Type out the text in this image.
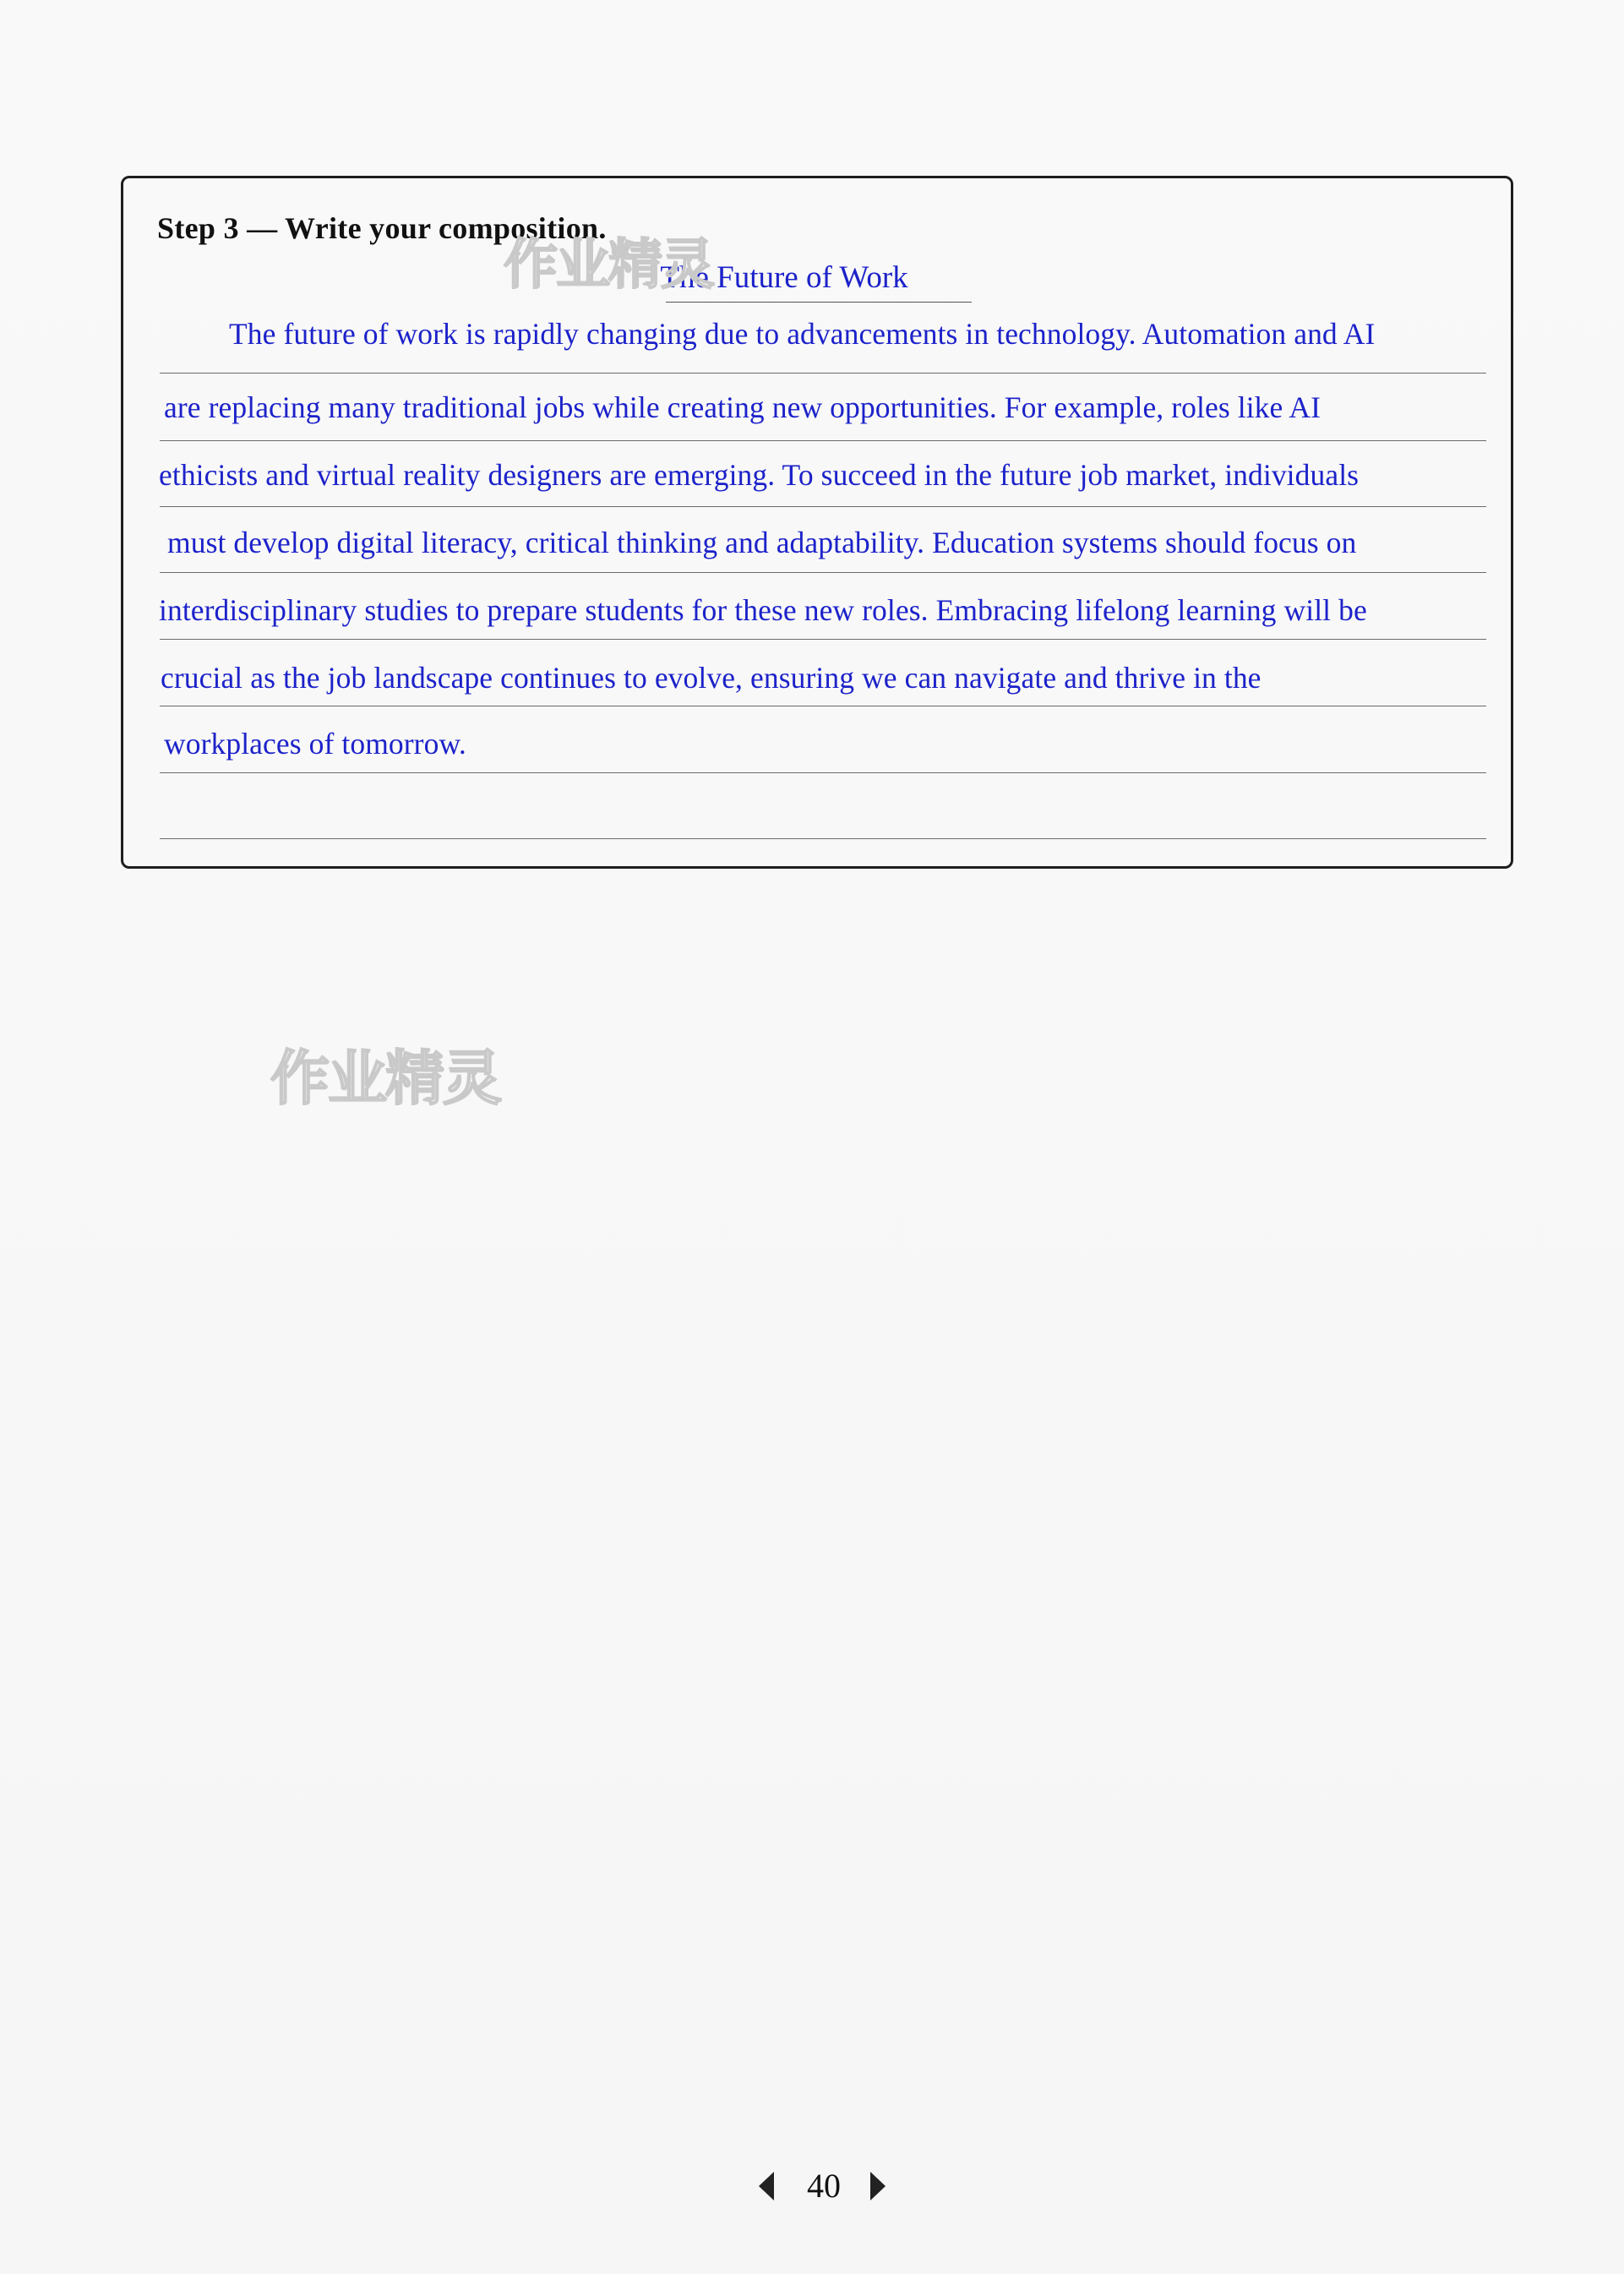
Step 3 — Write your composition.
The Future of Work
The future of work is rapidly changing due to advancements in technology. Automation and AI
are replacing many traditional jobs while creating new opportunities. For example, roles like AI
ethicists and virtual reality designers are emerging. To succeed in the future job market, individuals
must develop digital literacy, critical thinking and adaptability. Education systems should focus on
interdisciplinary studies to prepare students for these new roles. Embracing lifelong learning will be
crucial as the job landscape continues to evolve, ensuring we can navigate and thrive in the
workplaces of tomorrow.
作业精灵
作业精灵
40
